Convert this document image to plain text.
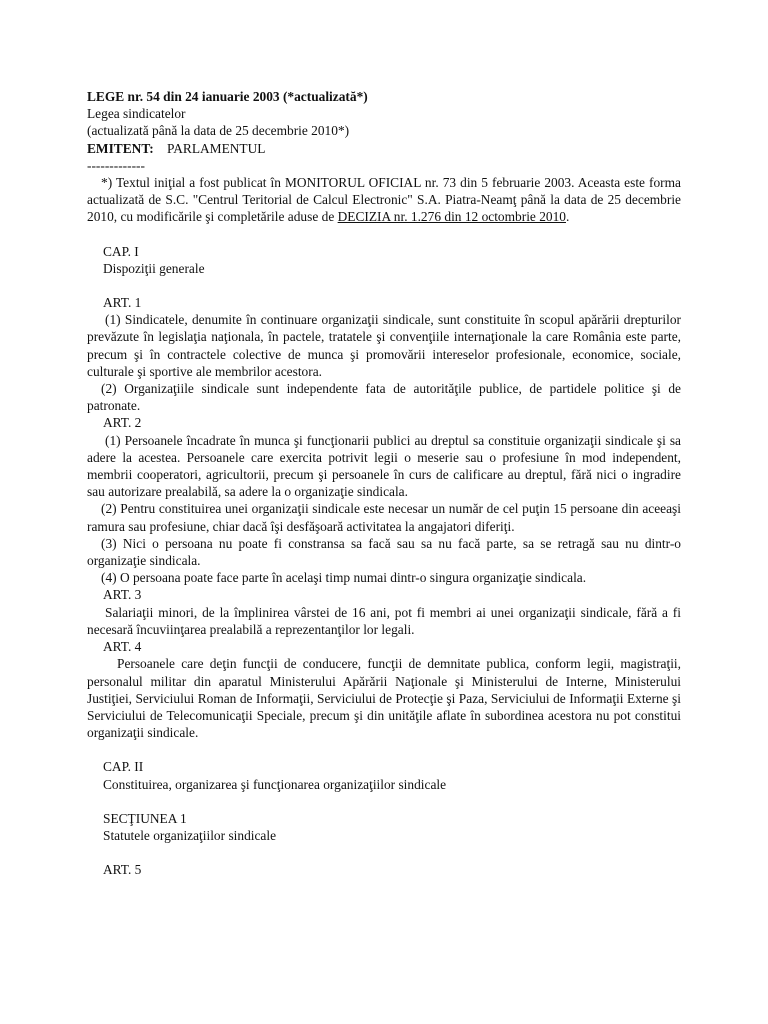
LEGE nr. 54 din 24 ianuarie 2003 (*actualizată*)
Legea sindicatelor
(actualizată până la data de 25 decembrie 2010*)
EMITENT: PARLAMENTUL
-------------

*) Textul iniţial a fost publicat în MONITORUL OFICIAL nr. 73 din 5 februarie 2003. Aceasta este forma actualizată de S.C. "Centrul Teritorial de Calcul Electronic" S.A. Piatra-Neamţ până la data de 25 decembrie 2010, cu modificările şi completările aduse de DECIZIA nr. 1.276 din 12 octombrie 2010.

CAP. I
Dispoziţii generale
ART. 1

(1) Sindicatele, denumite în continuare organizaţii sindicale, sunt constituite în scopul apărării drepturilor prevăzute în legislaţia naţionala, în pactele, tratatele şi convenţiile internaţionale la care România este parte, precum şi în contractele colective de munca şi promovării intereselor profesionale, economice, sociale, culturale şi sportive ale membrilor acestora.

(2) Organizaţiile sindicale sunt independente fata de autorităţile publice, de partidele politice şi de patronate.

ART. 2

(1) Persoanele încadrate în munca şi funcţionarii publici au dreptul sa constituie organizaţii sindicale şi sa adere la acestea. Persoanele care exercita potrivit legii o meserie sau o profesiune în mod independent, membrii cooperatori, agricultorii, precum şi persoanele în curs de calificare au dreptul, fără nici o ingradire sau autorizare prealabilă, sa adere la o organizaţie sindicala.

(2) Pentru constituirea unei organizaţii sindicale este necesar un număr de cel puţin 15 persoane din aceeaşi ramura sau profesiune, chiar dacă îşi desfăşoară activitatea la angajatori diferiţi.

(3) Nici o persoana nu poate fi constransa sa facă sau sa nu facă parte, sa se retragă sau nu dintr-o organizaţie sindicala.

(4) O persoana poate face parte în acelaşi timp numai dintr-o singura organizaţie sindicala.

ART. 3

Salariaţii minori, de la împlinirea vârstei de 16 ani, pot fi membri ai unei organizaţii sindicale, fără a fi necesară încuviinţarea prealabilă a reprezentanţilor lor legali.

ART. 4

Persoanele care deţin funcţii de conducere, funcţii de demnitate publica, conform legii, magistraţii, personalul militar din aparatul Ministerului Apărării Naţionale şi Ministerului de Interne, Ministerului Justiţiei, Serviciului Roman de Informaţii, Serviciului de Protecţie şi Paza, Serviciului de Informaţii Externe şi Serviciului de Telecomunicaţii Speciale, precum şi din unităţile aflate în subordinea acestora nu pot constitui organizaţii sindicale.

CAP. II
Constituirea, organizarea şi funcţionarea organizaţiilor sindicale
SECŢIUNEA 1
Statutele organizaţiilor sindicale
ART. 5
